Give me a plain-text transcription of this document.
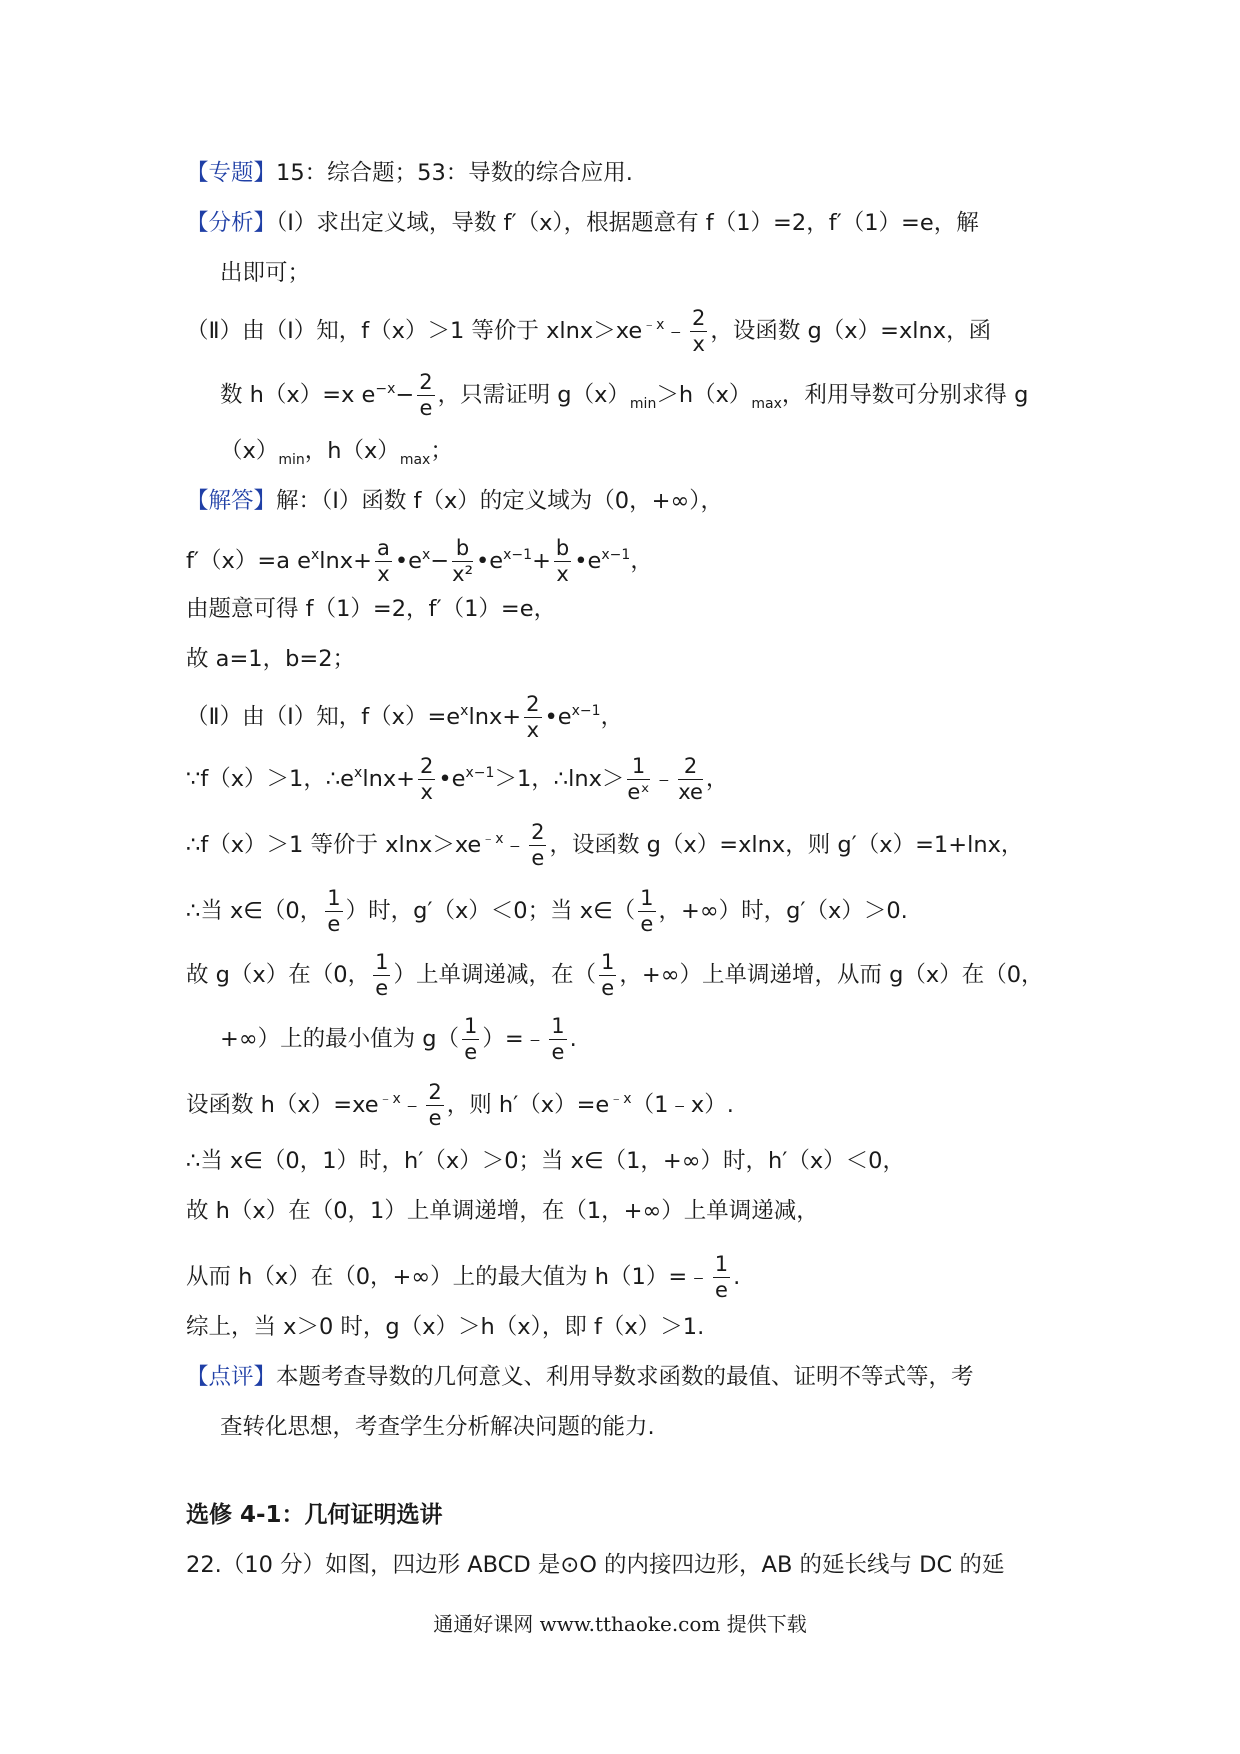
【专题】15：综合题；53：导数的综合应用.
【分析】（Ⅰ）求出定义域，导数 f′（x），根据题意有 f（1）=2，f′（1）=e，解
出即可；
（Ⅱ）由（Ⅰ）知，f（x）＞1 等价于 $xlnx>xe^{﹣x}﹣ \frac{2}{x}$ ，设函数 g（x）=xlnx，函
数 h（x）=x $e^{-x}- \frac{2}{e}$ ，只需证明 $g(x)_{min}>h(x)_{max}$，利用导数可分别求得 g
$(x)_{min}$，$h(x)_{max}$；
【解答】解：（Ⅰ）函数 f（x）的定义域为（0，+∞），
f′（x）=a $e^x\ln x+ \frac{a}{x}$ $•e^x- \frac{b}{\text{x²}}$ $•e^{x-1}+ \frac{b}{x}$ $•e^{x-1}$，
由题意可得 f（1）=2，f′（1）=e，
故 a=1，b=2；
（Ⅱ）由（Ⅰ）知，$f(x)=e^x\ln x+ \frac{2}{x}$ $•e^{x-1}$，
∵f（x）＞1，$\therefore e^x\ln x+ \frac{2}{x}$ $•e^{x-1}>1$，∴lnx＞ $\frac{1}{\text{eˣ}}$ ﹣ $\frac{2}{xe}$ ，
∴f（x）＞1 等价于 $xlnx>xe^{﹣x}﹣ \frac{2}{e}$ ，设函数 g（x）=xlnx，则 g′（x）=1+lnx，
∴当 x∈（0， $\frac{1}{e}$ ）时，g′（x）＜0；当 x∈（ $\frac{1}{e}$ ，+∞）时，g′（x）＞0.
故 g（x）在（0， $\frac{1}{e}$ ）上单调递减，在（ $\frac{1}{e}$ ，+∞）上单调递增，从而 g（x）在（0，
+∞）上的最小值为 $g( \frac{1}{e}$ ）=﹣ $\frac{1}{e}$ .
设函数 $h(x)=xe^{﹣x}﹣ \frac{2}{e}$ ，则 $h'(x)=e^{﹣x}(1﹣x)$.
∴当 x∈（0，1）时，h′（x）＞0；当 x∈（1，+∞）时，h′（x）＜0，
故 h（x）在（0，1）上单调递增，在（1，+∞）上单调递减，
从而 h（x）在（0，+∞）上的最大值为 h（1）=﹣ $\frac{1}{e}$ .
综上，当 x＞0 时，g（x）＞h（x），即 f（x）＞1.
【点评】本题考查导数的几何意义、利用导数求函数的最值、证明不等式等，考
查转化思想，考查学生分析解决问题的能力.
选修 4-1：几何证明选讲
22.（10 分）如图，四边形 ABCD 是⊙O 的内接四边形，AB 的延长线与 DC 的延
通通好课网 www.tthaoke.com 提供下载
